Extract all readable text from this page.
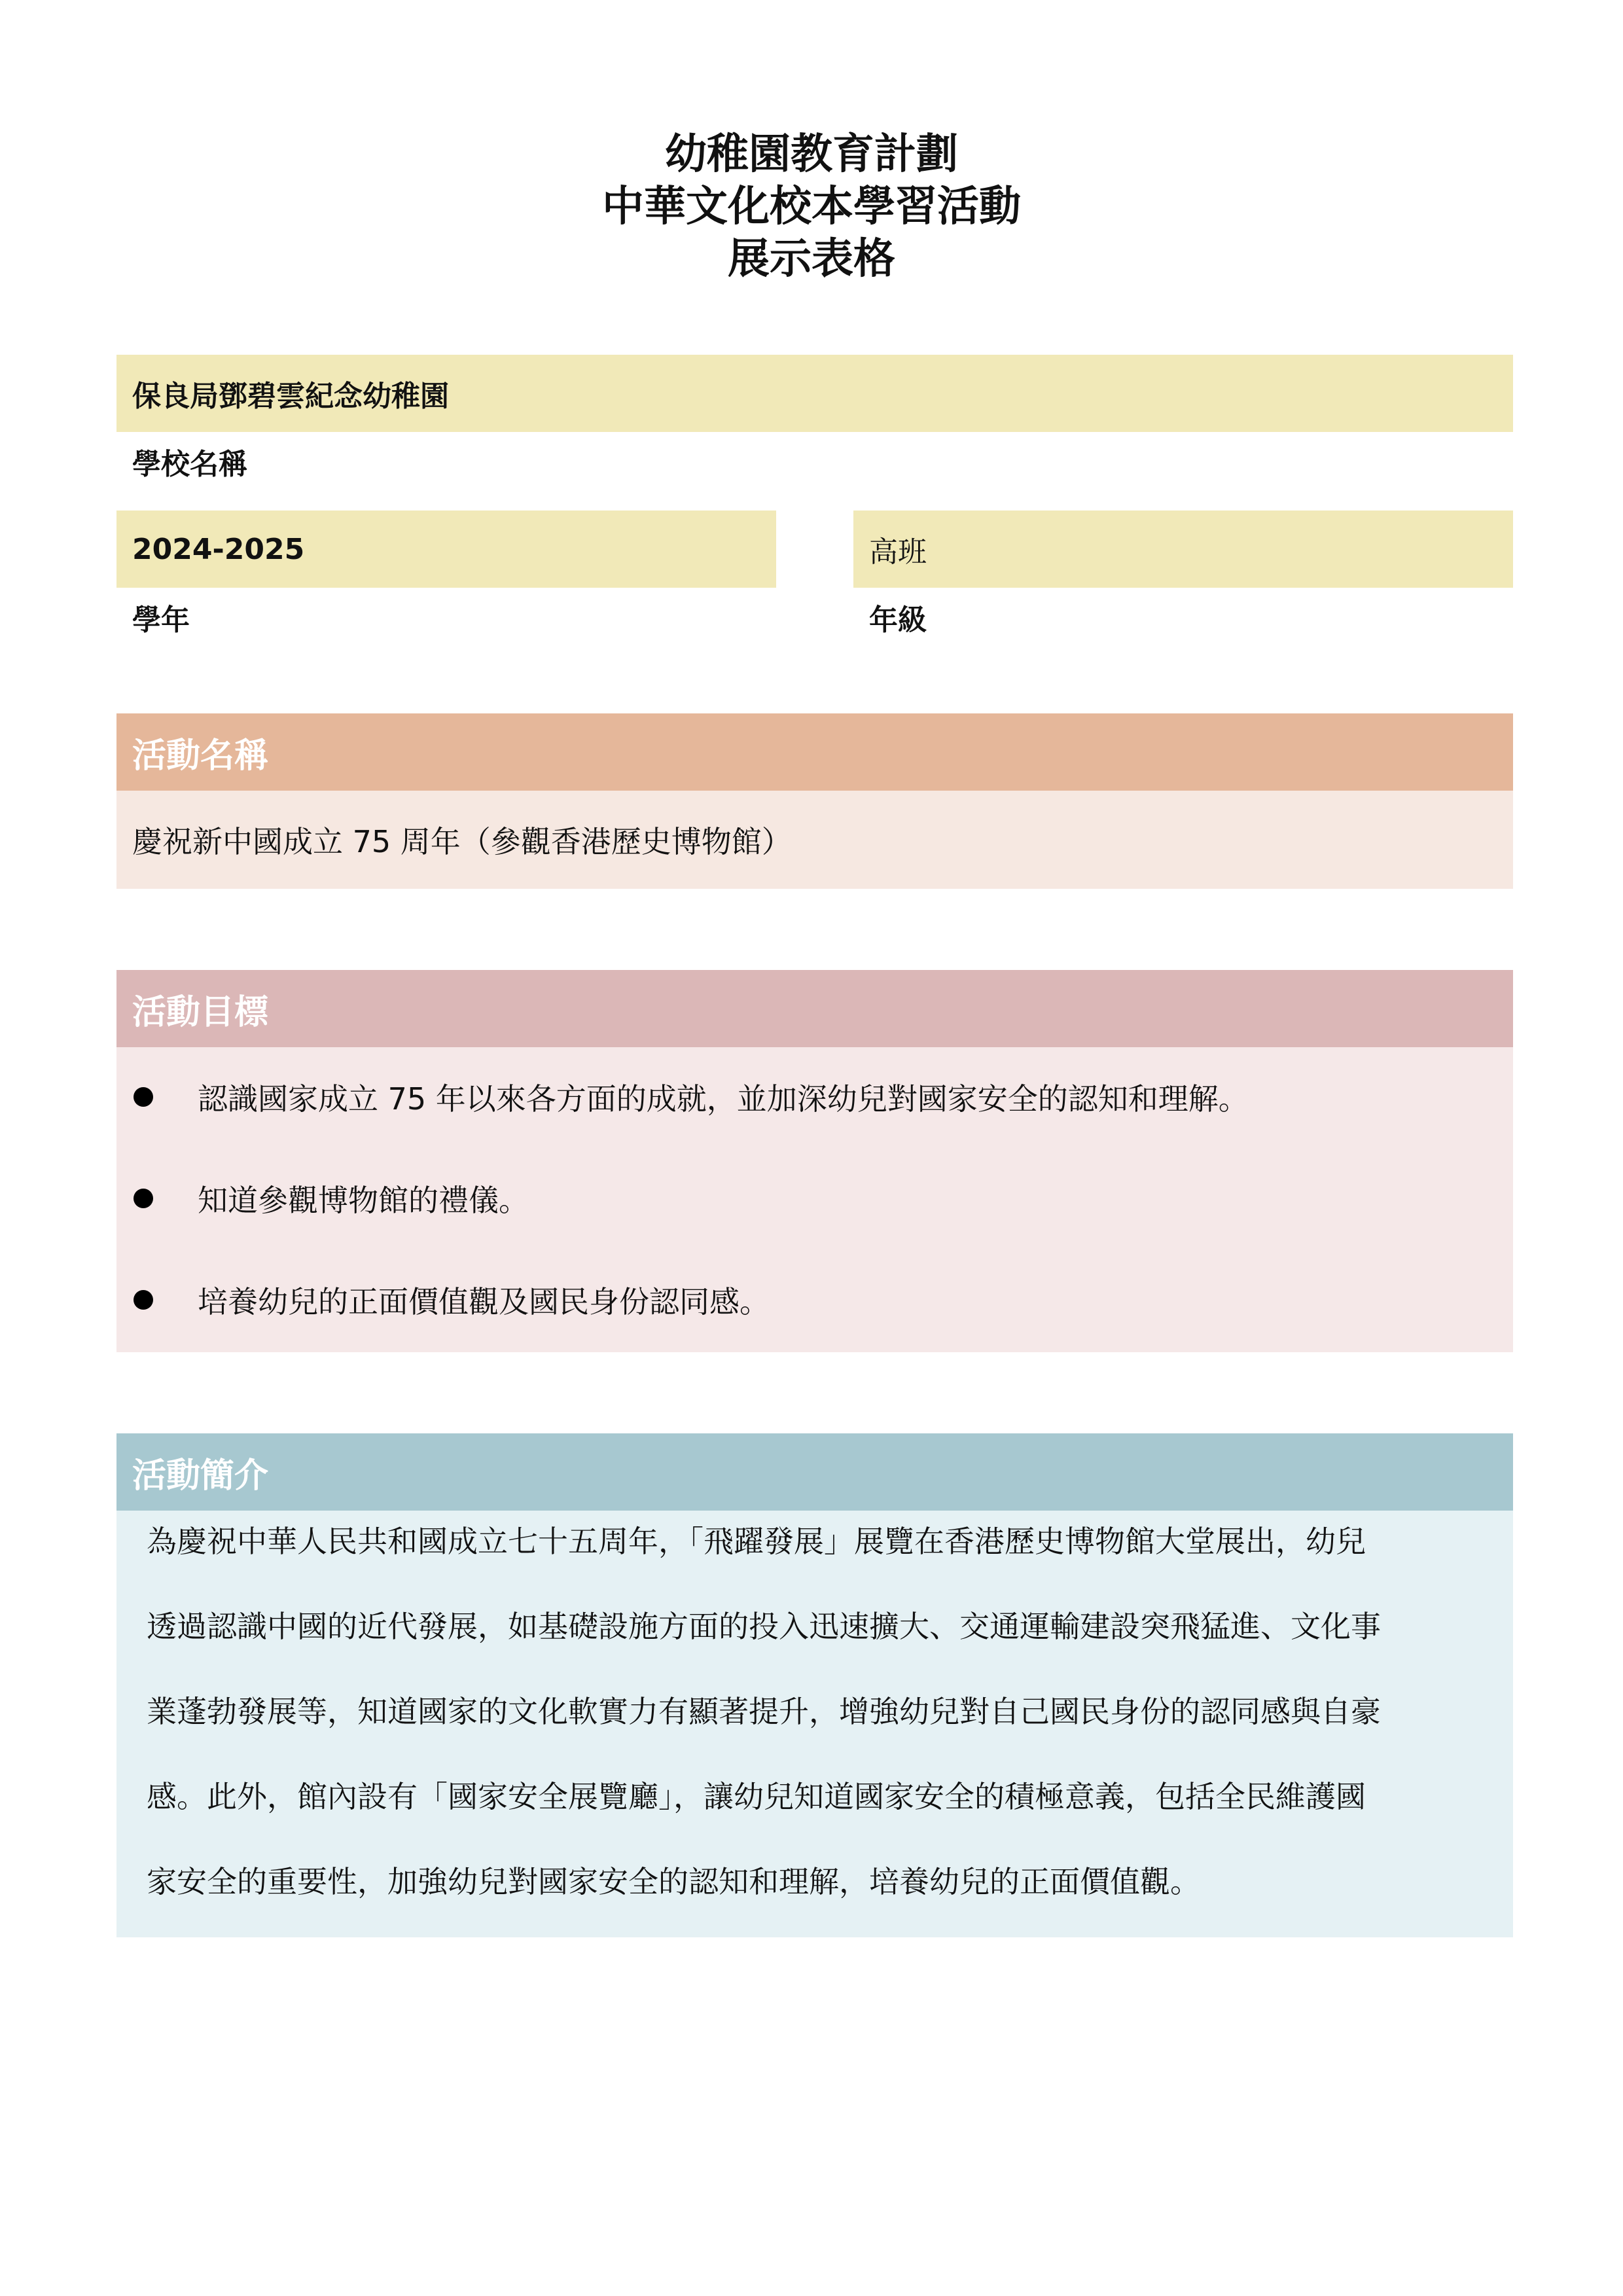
幼稚園教育計劃
中華文化校本學習活動
展示表格
保良局鄧碧雲紀念幼稚園
學校名稱
2024-2025
學年
高班
年級
活動名稱
慶祝新中國成立 75 周年（參觀香港歷史博物館）
活動目標
認識國家成立 75 年以來各方面的成就，並加深幼兒對國家安全的認知和理解。
知道參觀博物館的禮儀。
培養幼兒的正面價值觀及國民身份認同感。
活動簡介
為慶祝中華人民共和國成立七十五周年，「飛躍發展」展覽在香港歷史博物館大堂展出，幼兒
透過認識中國的近代發展，如基礎設施方面的投入迅速擴大、交通運輸建設突飛猛進、文化事
業蓬勃發展等，知道國家的文化軟實力有顯著提升，增強幼兒對自己國民身份的認同感與自豪
感。此外，館內設有「國家安全展覽廳」，讓幼兒知道國家安全的積極意義，包括全民維護國
家安全的重要性，加強幼兒對國家安全的認知和理解，培養幼兒的正面價值觀。
